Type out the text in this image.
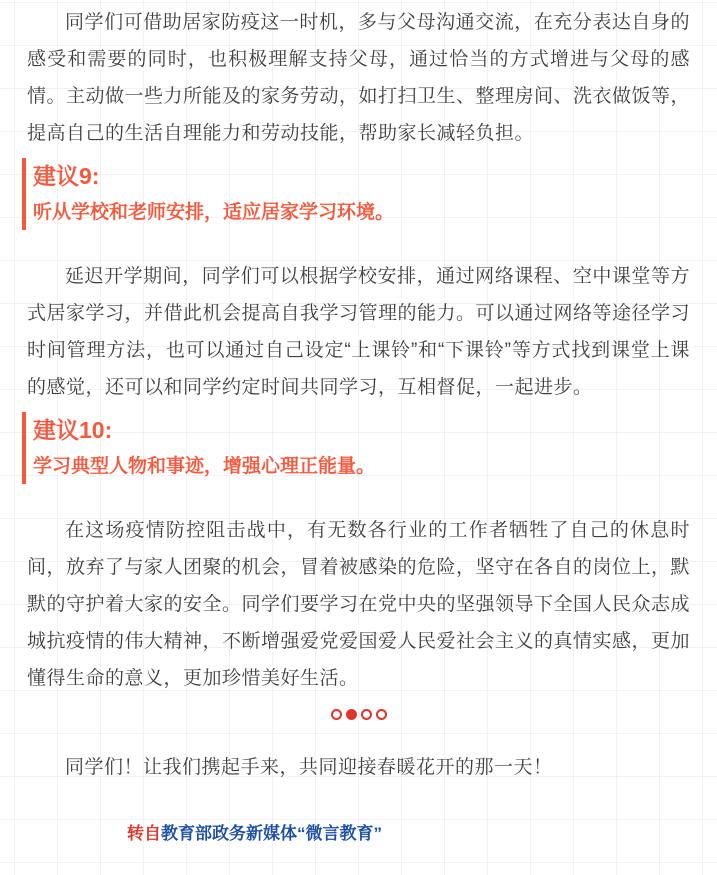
同学们可借助居家防疫这一时机，多与父母沟通交流，在充分表达自身的感受和需要的同时，也积极理解支持父母，通过恰当的方式增进与父母的感情。主动做一些力所能及的家务劳动，如打扫卫生、整理房间、洗衣做饭等，提高自己的生活自理能力和劳动技能，帮助家长减轻负担。

建议9:
听从学校和老师安排，适应居家学习环境。

延迟开学期间，同学们可以根据学校安排，通过网络课程、空中课堂等方式居家学习，并借此机会提高自我学习管理的能力。可以通过网络等途径学习时间管理方法，也可以通过自己设定“上课铃”和“下课铃”等方式找到课堂上课的感觉，还可以和同学约定时间共同学习，互相督促，一起进步。

建议10:
学习典型人物和事迹，增强心理正能量。

在这场疫情防控阻击战中，有无数各行业的工作者牺牲了自己的休息时间，放弃了与家人团聚的机会，冒着被感染的危险，坚守在各自的岗位上，默默的守护着大家的安全。同学们要学习在党中央的坚强领导下全国人民众志成城抗疫情的伟大精神，不断增强爱党爱国爱人民爱社会主义的真情实感，更加懂得生命的意义，更加珍惜美好生活。

同学们！让我们携起手来，共同迎接春暖花开的那一天！

转自教育部政务新媒体“微言教育”
